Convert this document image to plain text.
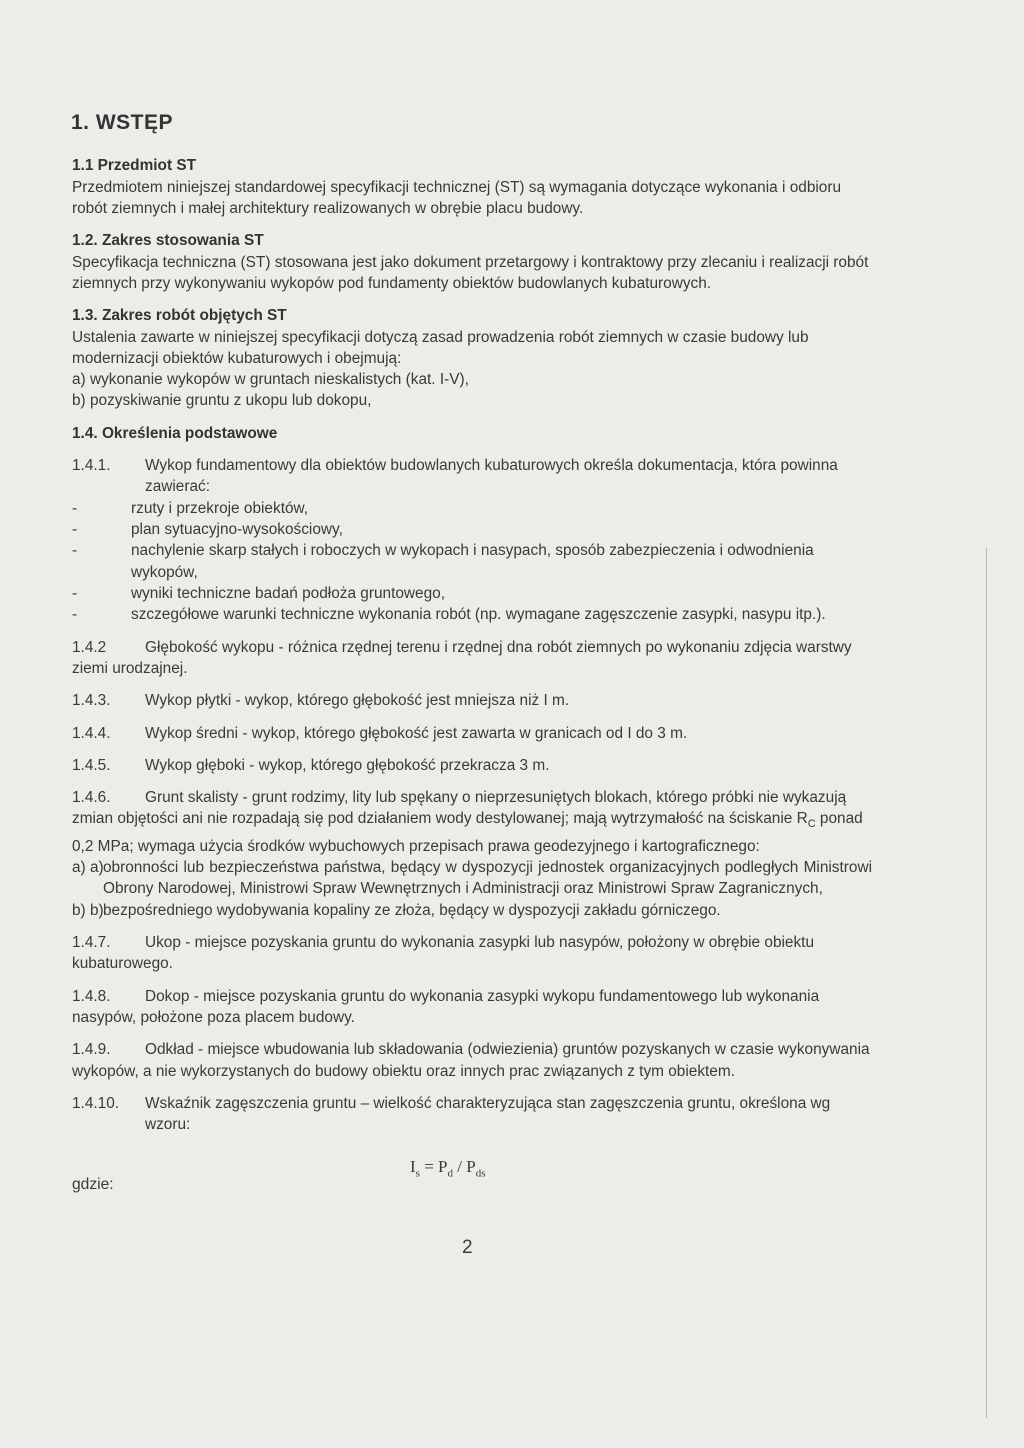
1. WSTĘP

1.1 Przedmiot ST

Przedmiotem niniejszej standardowej specyfikacji technicznej (ST) są wymagania dotyczące wykonania i odbioru robót ziemnych i małej architektury realizowanych w obrębie placu budowy.

1.2. Zakres stosowania ST

Specyfikacja techniczna (ST) stosowana jest jako dokument przetargowy i kontraktowy przy zlecaniu i realizacji robót ziemnych przy wykonywaniu wykopów pod fundamenty obiektów budowlanych kubaturowych.

1.3. Zakres robót objętych ST

Ustalenia zawarte w niniejszej specyfikacji dotyczą zasad prowadzenia robót ziemnych w czasie budowy lub modernizacji obiektów kubaturowych i obejmują:

a) wykonanie wykopów w gruntach nieskalistych (kat. I-V),

b) pozyskiwanie gruntu z ukopu lub dokopu,

1.4. Określenia podstawowe

1.4.1. Wykop fundamentowy dla obiektów budowlanych kubaturowych określa dokumentacja, która powinna zawierać:
-	rzuty i przekroje obiektów,
-	plan sytuacyjno-wysokościowy,
-	nachylenie skarp stałych i roboczych w wykopach i nasypach, sposób zabezpieczenia i odwodnienia wykopów,
-	wyniki techniczne badań podłoża gruntowego,
-	szczegółowe warunki techniczne wykonania robót (np. wymagane zagęszczenie zasypki, nasypu itp.).
1.4.2	Głębokość wykopu - różnica rzędnej terenu i rzędnej dna robót ziemnych po wykonaniu zdjęcia warstwy ziemi urodzajnej.
1.4.3. Wykop płytki - wykop, którego głębokość jest mniejsza niż I m.
1.4.4. Wykop średni - wykop, którego głębokość jest zawarta w granicach od I do 3 m.
1.4.5. Wykop głęboki - wykop, którego głębokość przekracza 3 m.
1.4.6. Grunt skalisty - grunt rodzimy, lity lub spękany o nieprzesuniętych blokach, którego próbki nie wykazują zmian objętości ani nie rozpadają się pod działaniem wody destylowanej; mają wytrzymałość na ściskanie $R_C$ ponad 0,2 MPa; wymaga użycia środków wybuchowych przepisach prawa geodezyjnego i kartograficznego:
a) a) obronności lub bezpieczeństwa państwa, będący w dyspozycji jednostek organizacyjnych podległych Ministrowi Obrony Narodowej, Ministrowi Spraw Wewnętrznych i Administracji oraz Ministrowi Spraw Zagranicznych,
b) b) bezpośredniego wydobywania kopaliny ze złoża, będący w dyspozycji zakładu górniczego.
1.4.7. Ukop - miejsce pozyskania gruntu do wykonania zasypki lub nasypów, położony w obrębie obiektu kubaturowego.
1.4.8. Dokop - miejsce pozyskania gruntu do wykonania zasypki wykopu fundamentowego lub wykonania nasypów, położone poza placem budowy.
1.4.9. Odkład - miejsce wbudowania lub składowania (odwiezienia) gruntów pozyskanych w czasie wykonywania wykopów, a nie wykorzystanych do budowy obiektu oraz innych prac związanych z tym obiektem.
1.4.10. Wskaźnik zagęszczenia gruntu – wielkość charakteryzująca stan zagęszczenia gruntu, określona wg wzoru:
$I_s = P_d / P_{ds}$
gdzie:
2
